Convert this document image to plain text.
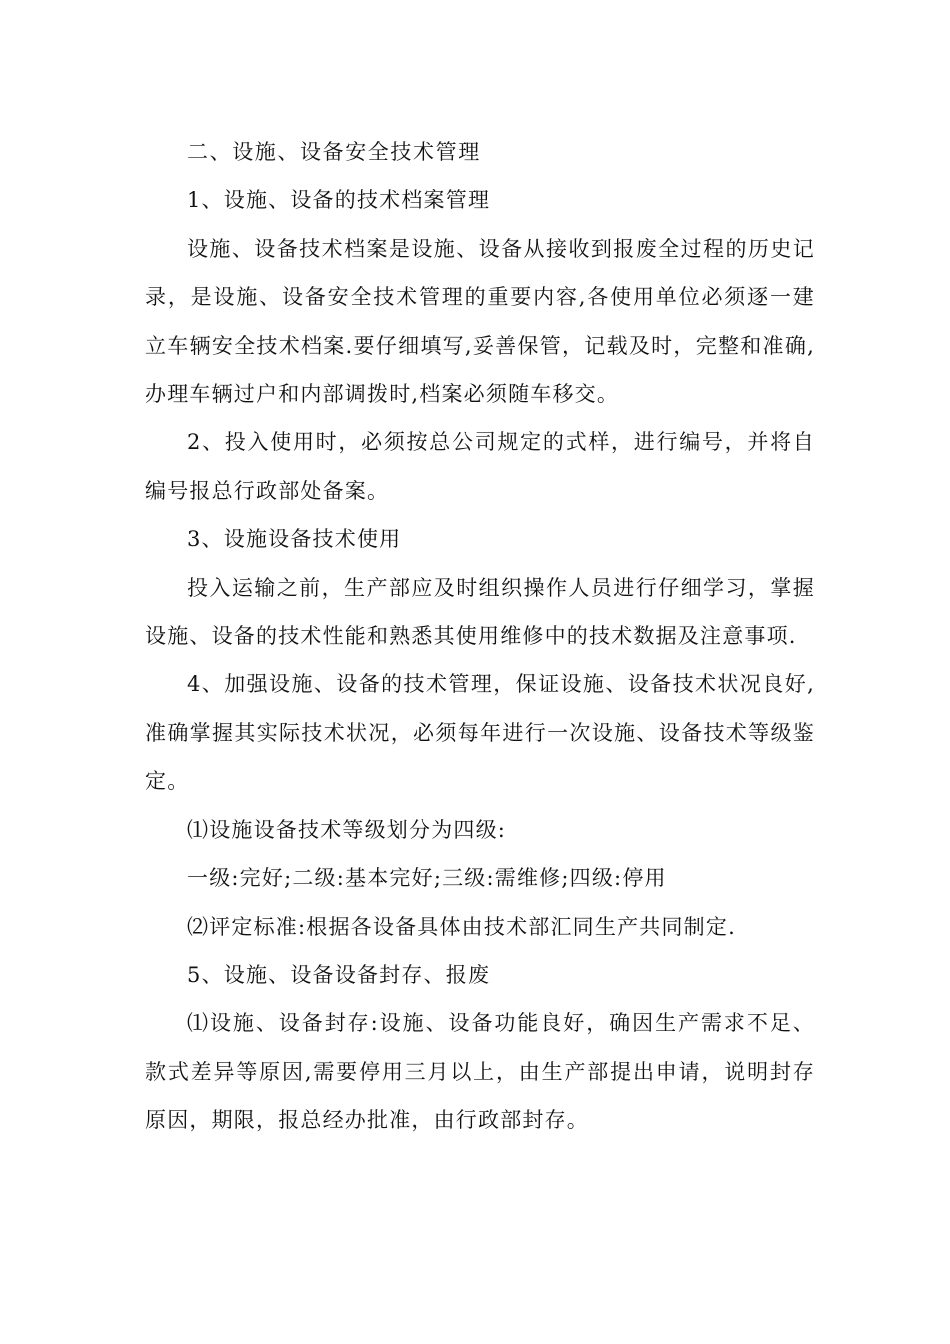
二、设施、设备安全技术管理

1、设施、设备的技术档案管理

设施、设备技术档案是设施、设备从接收到报废全过程的历史记录，是设施、设备安全技术管理的重要内容,各使用单位必须逐一建立车辆安全技术档案.要仔细填写,妥善保管，记载及时，完整和准确,办理车辆过户和内部调拨时,档案必须随车移交。

2、投入使用时，必须按总公司规定的式样，进行编号，并将自编号报总行政部处备案。

3、设施设备技术使用

投入运输之前，生产部应及时组织操作人员进行仔细学习，掌握设施、设备的技术性能和熟悉其使用维修中的技术数据及注意事项.

4、加强设施、设备的技术管理，保证设施、设备技术状况良好,准确掌握其实际技术状况，必须每年进行一次设施、设备技术等级鉴定。

⑴设施设备技术等级划分为四级:

一级:完好;二级:基本完好;三级:需维修;四级:停用

⑵评定标准:根据各设备具体由技术部汇同生产共同制定.

5、设施、设备设备封存、报废

⑴设施、设备封存:设施、设备功能良好，确因生产需求不足、款式差异等原因,需要停用三月以上，由生产部提出申请，说明封存原因，期限，报总经办批准，由行政部封存。
